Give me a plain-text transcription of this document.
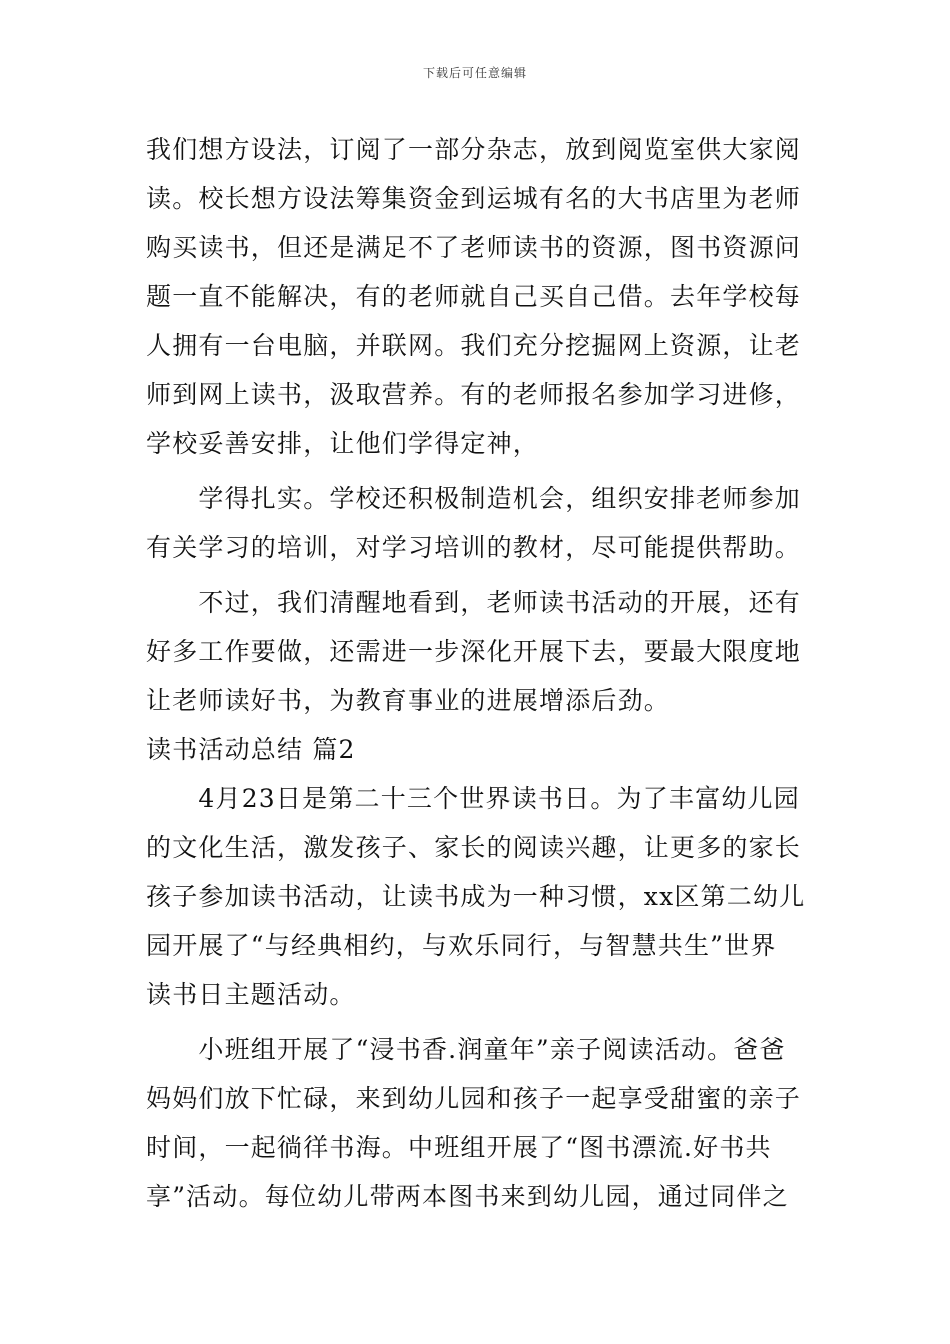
下载后可任意编辑
我们想方设法，订阅了一部分杂志，放到阅览室供大家阅
读。校长想方设法筹集资金到运城有名的大书店里为老师
购买读书，但还是满足不了老师读书的资源，图书资源问
题一直不能解决，有的老师就自己买自己借。去年学校每
人拥有一台电脑，并联网。我们充分挖掘网上资源，让老
师到网上读书，汲取营养。有的老师报名参加学习进修，
学校妥善安排，让他们学得定神，
　　学得扎实。学校还积极制造机会，组织安排老师参加
有关学习的培训，对学习培训的教材，尽可能提供帮助。
　　不过，我们清醒地看到，老师读书活动的开展，还有
好多工作要做，还需进一步深化开展下去，要最大限度地
让老师读好书，为教育事业的进展增添后劲。
读书活动总结 篇2
　　4月23日是第二十三个世界读书日。为了丰富幼儿园
的文化生活，激发孩子、家长的阅读兴趣，让更多的家长
孩子参加读书活动，让读书成为一种习惯，xx区第二幼儿
园开展了“与经典相约，与欢乐同行，与智慧共生”世界
读书日主题活动。
　　小班组开展了“浸书香.润童年”亲子阅读活动。爸爸
妈妈们放下忙碌，来到幼儿园和孩子一起享受甜蜜的亲子
时间，一起徜徉书海。中班组开展了“图书漂流.好书共
享”活动。每位幼儿带两本图书来到幼儿园，通过同伴之
